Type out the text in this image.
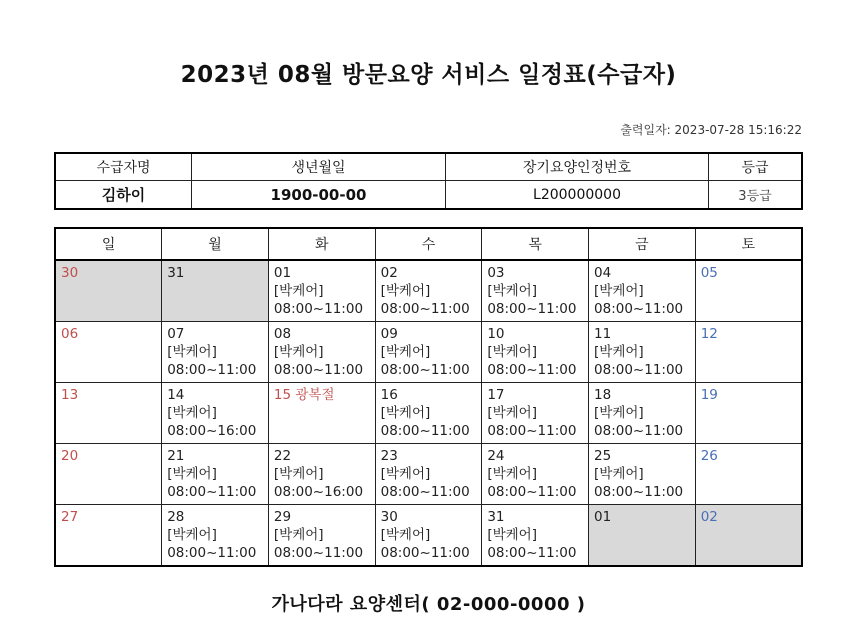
2023년 08월 방문요양 서비스 일정표(수급자)
출력일자: 2023-07-28 15:16:22
수급자명	생년월일	장기요양인정번호	등급
김하이	1900-00-00	L200000000	3등급
일	월	화	수	목	금	토

30	31	01
[박케어]
08:00~11:00	02
[박케어]
08:00~11:00	03
[박케어]
08:00~11:00	04
[박케어]
08:00~11:00	05

06	07
[박케어]
08:00~11:00	08
[박케어]
08:00~11:00	09
[박케어]
08:00~11:00	10
[박케어]
08:00~11:00	11
[박케어]
08:00~11:00	12

13	14
[박케어]
08:00~16:00	15 광복절	16
[박케어]
08:00~11:00	17
[박케어]
08:00~11:00	18
[박케어]
08:00~11:00	19

20	21
[박케어]
08:00~11:00	22
[박케어]
08:00~16:00	23
[박케어]
08:00~11:00	24
[박케어]
08:00~11:00	25
[박케어]
08:00~11:00	26

27	28
[박케어]
08:00~11:00	29
[박케어]
08:00~11:00	30
[박케어]
08:00~11:00	31
[박케어]
08:00~11:00	01	02
가나다라 요양센터( 02-000-0000 )
